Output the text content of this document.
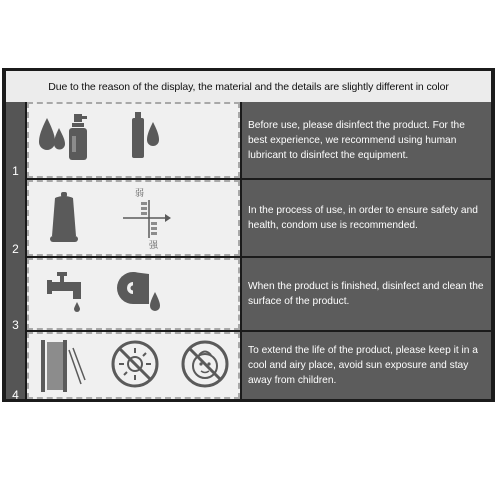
Due to the reason of the display, the material and the details are slightly different in color
1
2
3
4
Before use, please disinfect the product. For the best experience, we recommend using human lubricant to disinfect the equipment.
弱
强
In the process of use, in order to ensure safety and health, condom use is recommended.
When the product is finished, disinfect and clean the surface of the product.
To extend the life of the product, please keep it in a cool and airy place, avoid sun exposure and stay away from children.
